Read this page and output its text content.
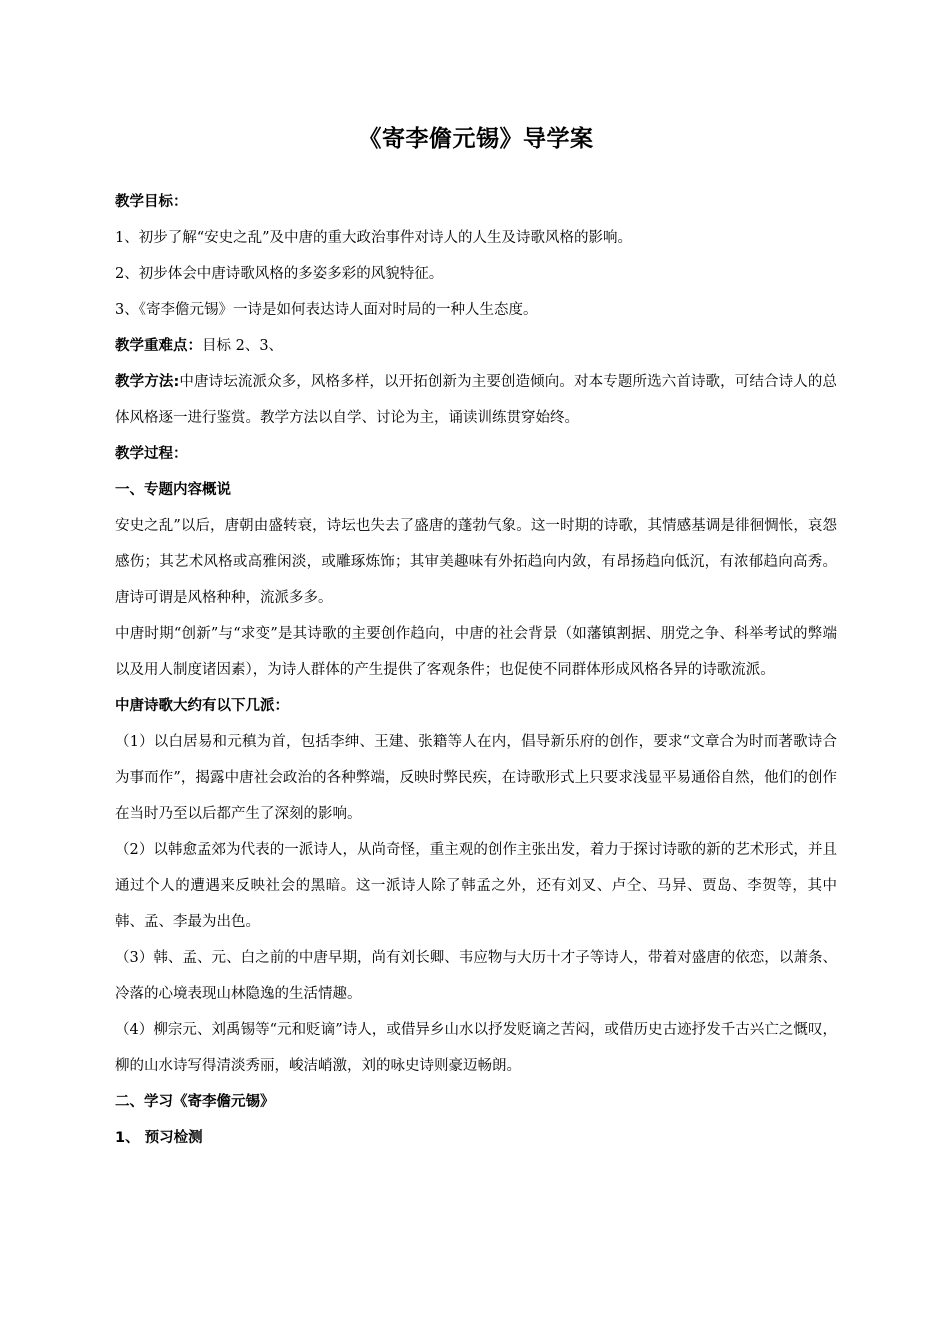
《寄李儋元锡》导学案

教学目标：

1、初步了解“安史之乱”及中唐的重大政治事件对诗人的人生及诗歌风格的影响。

2、初步体会中唐诗歌风格的多姿多彩的风貌特征。

3、《寄李儋元锡》一诗是如何表达诗人面对时局的一种人生态度。

教学重难点：目标 2、3、

教学方法:中唐诗坛流派众多，风格多样，以开拓创新为主要创造倾向。对本专题所选六首诗歌，可结合诗人的总体风格逐一进行鉴赏。教学方法以自学、讨论为主，诵读训练贯穿始终。

教学过程：

一、专题内容概说

安史之乱”以后，唐朝由盛转衰，诗坛也失去了盛唐的蓬勃气象。这一时期的诗歌，其情感基调是徘徊惆怅，哀怨感伤；其艺术风格或高雅闲淡，或雕琢炼饰；其审美趣味有外拓趋向内敛，有昂扬趋向低沉，有浓郁趋向高秀。唐诗可谓是风格种种，流派多多。

中唐时期“创新”与“求变”是其诗歌的主要创作趋向，中唐的社会背景（如藩镇割据、朋党之争、科举考试的弊端以及用人制度诸因素），为诗人群体的产生提供了客观条件；也促使不同群体形成风格各异的诗歌流派。

中唐诗歌大约有以下几派：

（1）以白居易和元稹为首，包括李绅、王建、张籍等人在内，倡导新乐府的创作，要求“文章合为时而著歌诗合为事而作”，揭露中唐社会政治的各种弊端，反映时弊民疾，在诗歌形式上只要求浅显平易通俗自然，他们的创作在当时乃至以后都产生了深刻的影响。

（2）以韩愈孟郊为代表的一派诗人，从尚奇怪，重主观的创作主张出发，着力于探讨诗歌的新的艺术形式，并且通过个人的遭遇来反映社会的黑暗。这一派诗人除了韩孟之外，还有刘叉、卢仝、马异、贾岛、李贺等，其中韩、孟、李最为出色。

（3）韩、孟、元、白之前的中唐早期，尚有刘长卿、韦应物与大历十才子等诗人，带着对盛唐的依恋，以萧条、冷落的心境表现山林隐逸的生活情趣。

（4）柳宗元、刘禹锡等“元和贬谪”诗人，或借异乡山水以抒发贬谪之苦闷，或借历史古迹抒发千古兴亡之慨叹，柳的山水诗写得清淡秀丽，峻洁峭激，刘的咏史诗则豪迈畅朗。

二、学习《寄李儋元锡》

1、 预习检测
